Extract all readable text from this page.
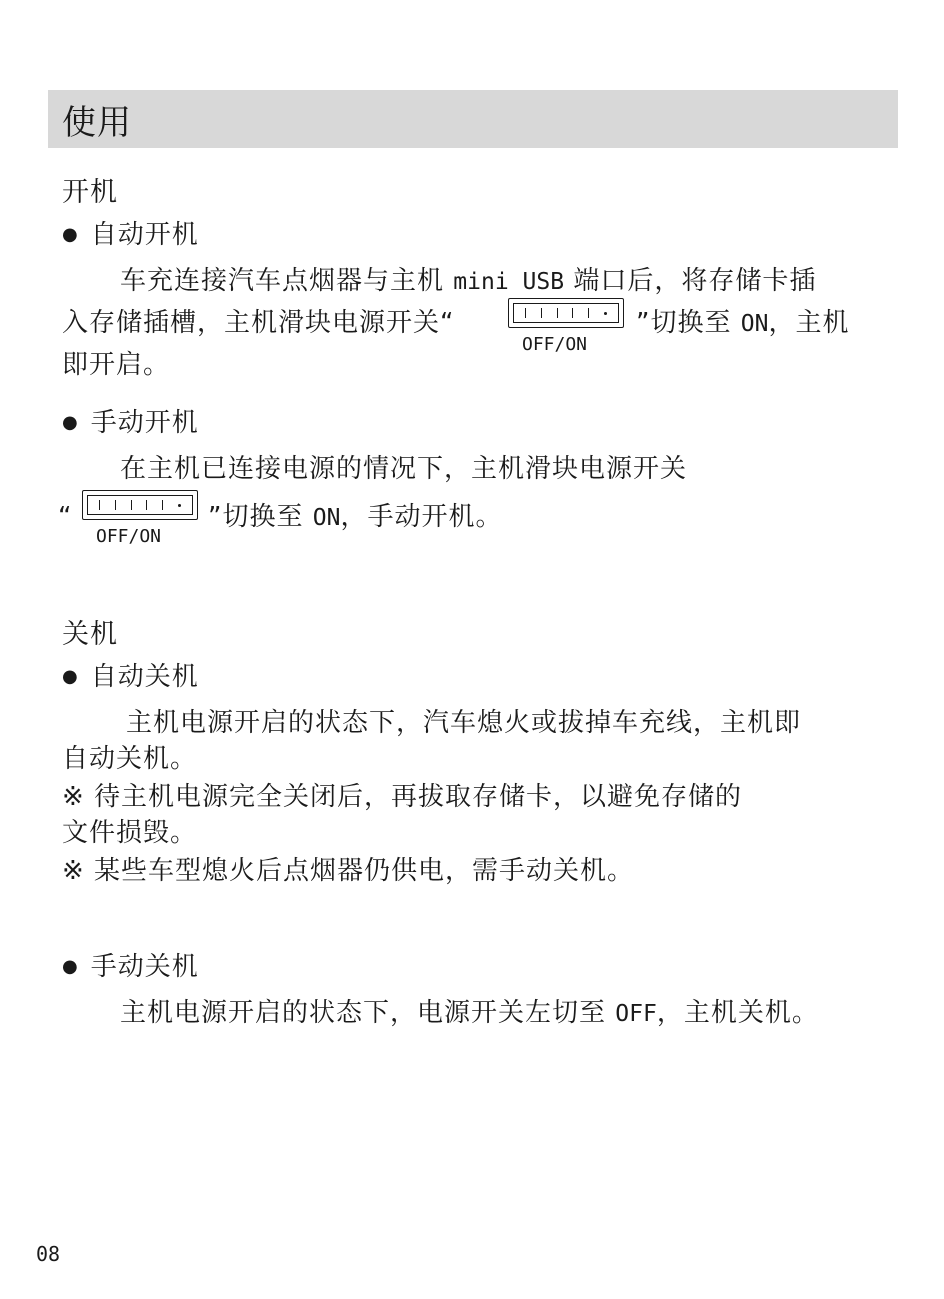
使用
开机
● 自动开机
车充连接汽车点烟器与主机 mini USB 端口后，将存储卡插
入存储插槽，主机滑块电源开关“
OFF/ON
”切换至 ON，主机
即开启。
● 手动开机
在主机已连接电源的情况下，主机滑块电源开关
“
OFF/ON
”切换至 ON，手动开机。
关机
● 自动关机
主机电源开启的状态下，汽车熄火或拔掉车充线，主机即
自动关机。
※ 待主机电源完全关闭后，再拔取存储卡，以避免存储的
文件损毁。
※ 某些车型熄火后点烟器仍供电，需手动关机。
● 手动关机
主机电源开启的状态下，电源开关左切至 OFF，主机关机。
08
